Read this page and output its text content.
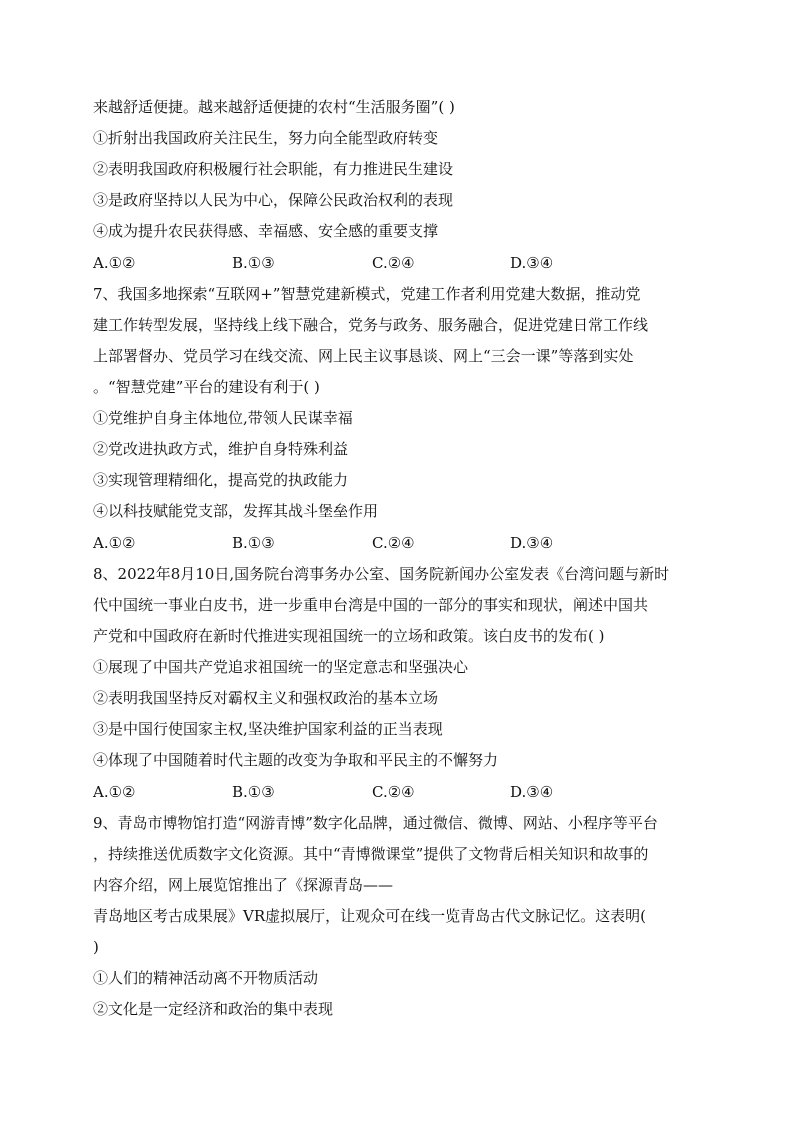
来越舒适便捷。越来越舒适便捷的农村“生活服务圈”( )
①折射出我国政府关注民生，努力向全能型政府转变
②表明我国政府积极履行社会职能，有力推进民生建设
③是政府坚持以人民为中心，保障公民政治权利的表现
④成为提升农民获得感、幸福感、安全感的重要支撑
A.①②	B.①③	C.②④	D.③④
7、我国多地探索“互联网+”智慧党建新模式，党建工作者利用党建大数据，推动党
建工作转型发展，坚持线上线下融合，党务与政务、服务融合，促进党建日常工作线
上部署督办、党员学习在线交流、网上民主议事恳谈、网上“三会一课”等落到实处
。“智慧党建”平台的建设有利于( )
①党维护自身主体地位,带领人民谋幸福
②党改进执政方式，维护自身特殊利益
③实现管理精细化，提高党的执政能力
④以科技赋能党支部，发挥其战斗堡垒作用
A.①②	B.①③	C.②④	D.③④
8、2022年8月10日,国务院台湾事务办公室、国务院新闻办公室发表《台湾问题与新时
代中国统一事业白皮书，进一步重申台湾是中国的一部分的事实和现状，阐述中国共
产党和中国政府在新时代推进实现祖国统一的立场和政策。该白皮书的发布( )
①展现了中国共产党追求祖国统一的坚定意志和坚强决心
②表明我国坚持反对霸权主义和强权政治的基本立场
③是中国行使国家主权,坚决维护国家利益的正当表现
④体现了中国随着时代主题的改变为争取和平民主的不懈努力
A.①②	B.①③	C.②④	D.③④
9、青岛市博物馆打造“网游青博”数字化品牌，通过微信、微博、网站、小程序等平台
，持续推送优质数字文化资源。其中“青博微课堂”提供了文物背后相关知识和故事的
内容介绍，网上展览馆推出了《探源青岛——
青岛地区考古成果展》VR虚拟展厅，让观众可在线一览青岛古代文脉记忆。这表明(
)
①人们的精神活动离不开物质活动
②文化是一定经济和政治的集中表现
